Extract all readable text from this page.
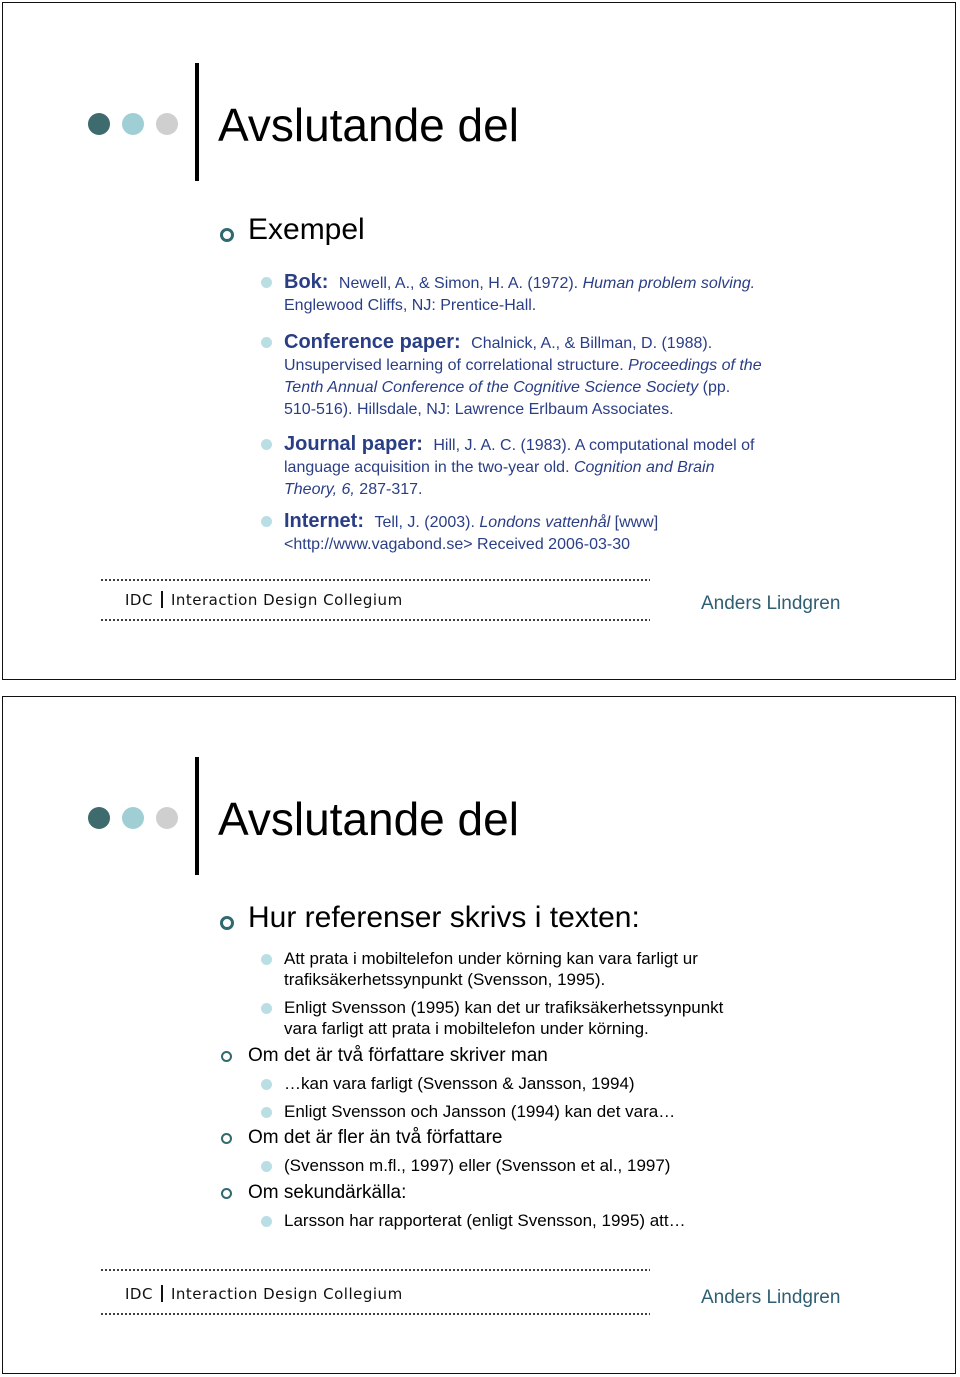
Avslutande del
Exempel
Bok: Newell, A., & Simon, H. A. (1972). Human problem solving.
Englewood Cliffs, NJ: Prentice-Hall.
Conference paper: Chalnick, A., & Billman, D. (1988).
Unsupervised learning of correlational structure. Proceedings of the
Tenth Annual Conference of the Cognitive Science Society (pp.
510-516). Hillsdale, NJ: Lawrence Erlbaum Associates.
Journal paper: Hill, J. A. C. (1983). A computational model of
language acquisition in the two-year old. Cognition and Brain
Theory, 6, 287-317.
Internet: Tell, J. (2003). Londons vattenhål [www]
<http://www.vagabond.se> Received 2006-03-30
IDC Interaction Design Collegium	Anders Lindgren
Avslutande del
Hur referenser skrivs i texten:
Att prata i mobiltelefon under körning kan vara farligt ur
trafiksäkerhetssynpunkt (Svensson, 1995).
Enligt Svensson (1995) kan det ur trafiksäkerhetssynpunkt
vara farligt att prata i mobiltelefon under körning.
Om det är två författare skriver man
…kan vara farligt (Svensson & Jansson, 1994)
Enligt Svensson och Jansson (1994) kan det vara…
Om det är fler än två författare
(Svensson m.fl., 1997) eller (Svensson et al., 1997)
Om sekundärkälla:
Larsson har rapporterat (enligt Svensson, 1995) att…
IDC Interaction Design Collegium	Anders Lindgren
